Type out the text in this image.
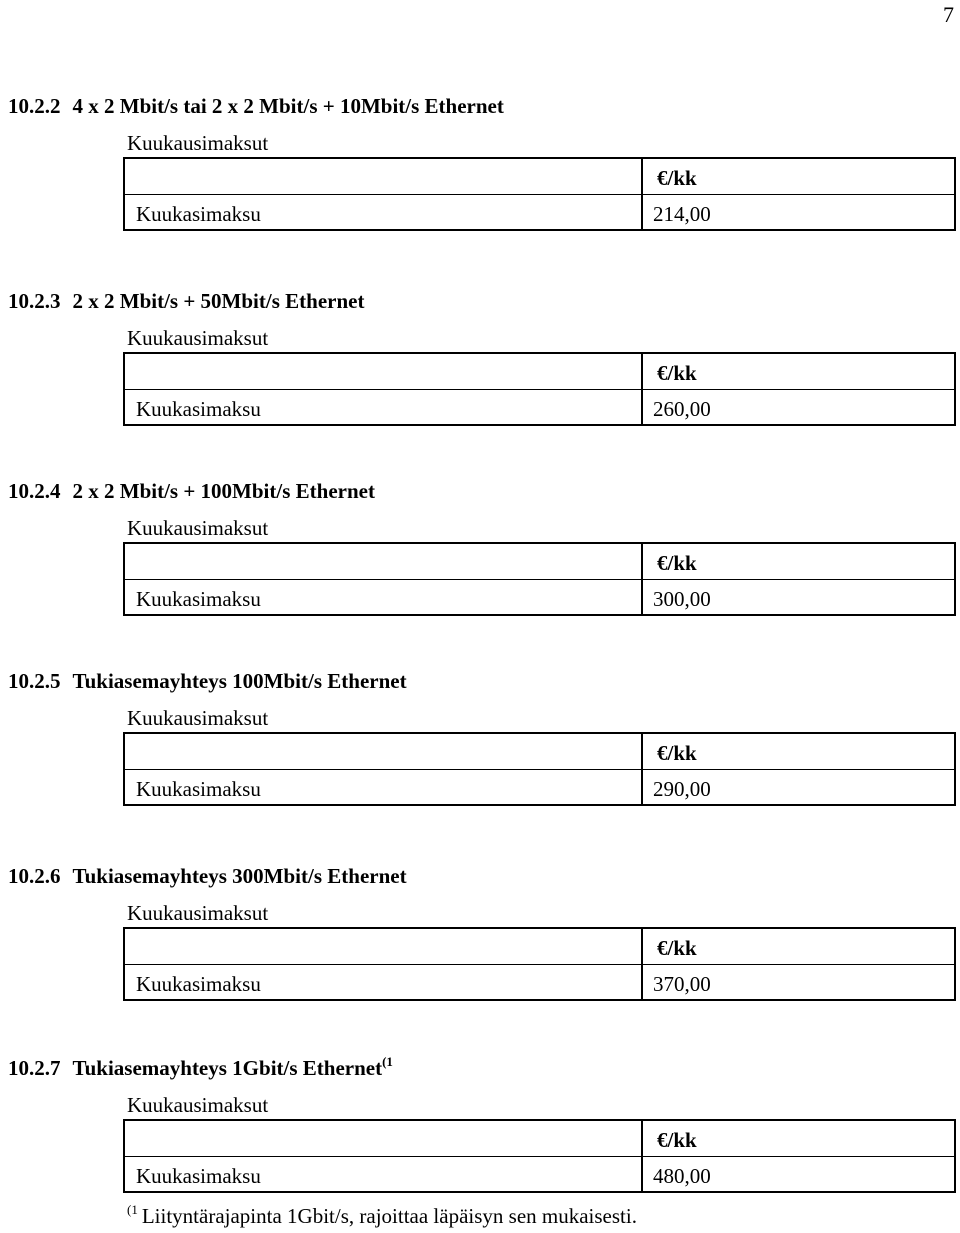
7
10.2.2 4 x 2 Mbit/s tai 2 x 2 Mbit/s + 10Mbit/s Ethernet
Kuukausimaksut
€/kk
Kuukasimaksu	214,00
10.2.3 2 x 2 Mbit/s + 50Mbit/s Ethernet
Kuukausimaksut
€/kk
Kuukasimaksu	260,00
10.2.4 2 x 2 Mbit/s + 100Mbit/s Ethernet
Kuukausimaksut
€/kk
Kuukasimaksu	300,00
10.2.5 Tukiasemayhteys 100Mbit/s Ethernet
Kuukausimaksut
€/kk
Kuukasimaksu	290,00
10.2.6 Tukiasemayhteys 300Mbit/s Ethernet
Kuukausimaksut
€/kk
Kuukasimaksu	370,00
10.2.7 Tukiasemayhteys 1Gbit/s Ethernet$^{(1}$
Kuukausimaksut
€/kk
Kuukasimaksu	480,00
$^{(1}$ Liityntärajapinta 1Gbit/s, rajoittaa läpäisyn sen mukaisesti.
